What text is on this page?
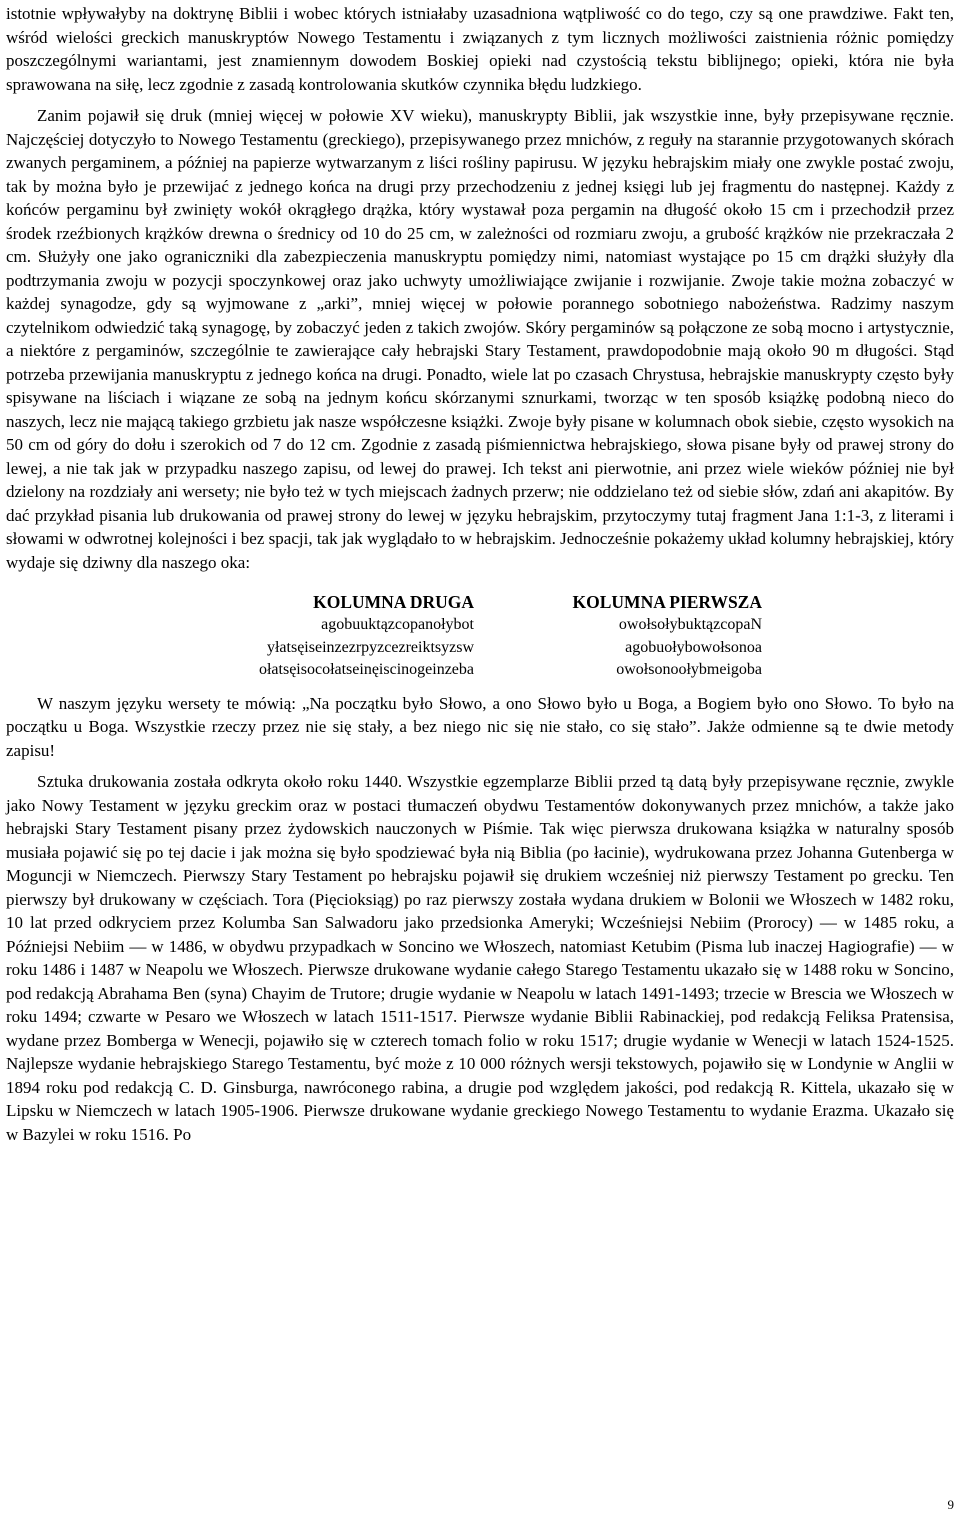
istotnie wpływałyby na doktrynę Biblii i wobec których istniałaby uzasadniona wątpliwość co do tego, czy są one prawdziwe. Fakt ten, wśród wielości greckich manuskryptów Nowego Testamentu i związanych z tym licznych możliwości zaistnienia różnic pomiędzy poszczególnymi wariantami, jest znamiennym dowodem Boskiej opieki nad czystością tekstu biblijnego; opieki, która nie była sprawowana na siłę, lecz zgodnie z zasadą kontrolowania skutków czynnika błędu ludzkiego.

Zanim pojawił się druk (mniej więcej w połowie XV wieku), manuskrypty Biblii, jak wszystkie inne, były przepisywane ręcznie. Najczęściej dotyczyło to Nowego Testamentu (greckiego), przepisywanego przez mnichów, z reguły na starannie przygotowanych skórach zwanych pergaminem, a później na papierze wytwarzanym z liści rośliny papirusu. W języku hebrajskim miały one zwykle postać zwoju, tak by można było je przewijać z jednego końca na drugi przy przechodzeniu z jednej księgi lub jej fragmentu do następnej. Każdy z końców pergaminu był zwinięty wokół okrągłego drążka, który wystawał poza pergamin na długość około 15 cm i przechodził przez środek rzeźbionych krążków drewna o średnicy od 10 do 25 cm, w zależności od rozmiaru zwoju, a grubość krążków nie przekraczała 2 cm. Służyły one jako ograniczniki dla zabezpieczenia manuskryptu pomiędzy nimi, natomiast wystające po 15 cm drążki służyły dla podtrzymania zwoju w pozycji spoczynkowej oraz jako uchwyty umożliwiające zwijanie i rozwijanie. Zwoje takie można zobaczyć w każdej synagodze, gdy są wyjmowane z „arki”, mniej więcej w połowie porannego sobotniego nabożeństwa. Radzimy naszym czytelnikom odwiedzić taką synagogę, by zobaczyć jeden z takich zwojów. Skóry pergaminów są połączone ze sobą mocno i artystycznie, a niektóre z pergaminów, szczególnie te zawierające cały hebrajski Stary Testament, prawdopodobnie mają około 90 m długości. Stąd potrzeba przewijania manuskryptu z jednego końca na drugi. Ponadto, wiele lat po czasach Chrystusa, hebrajskie manuskrypty często były spisywane na liściach i wiązane ze sobą na jednym końcu skórzanymi sznurkami, tworząc w ten sposób książkę podobną nieco do naszych, lecz nie mającą takiego grzbietu jak nasze współczesne książki. Zwoje były pisane w kolumnach obok siebie, często wysokich na 50 cm od góry do dołu i szerokich od 7 do 12 cm. Zgodnie z zasadą piśmiennictwa hebrajskiego, słowa pisane były od prawej strony do lewej, a nie tak jak w przypadku naszego zapisu, od lewej do prawej. Ich tekst ani pierwotnie, ani przez wiele wieków później nie był dzielony na rozdziały ani wersety; nie było też w tych miejscach żadnych przerw; nie oddzielano też od siebie słów, zdań ani akapitów. By dać przykład pisania lub drukowania od prawej strony do lewej w języku hebrajskim, przytoczymy tutaj fragment Jana 1:1-3, z literami i słowami w odwrotnej kolejności i bez spacji, tak jak wyglądało to w hebrajskim. Jednocześnie pokażemy układ kolumny hebrajskiej, który wydaje się dziwny dla naszego oka:

KOLUMNA DRUGA
agobuuktązcopanołybot
yłatsęiseinzezrpyzcezreiktsyzsw
ołatsęisocołatseinęiscinogeinzeba
KOLUMNA PIERWSZA
owołsołybuktązcopaN
agobuołybowołsonoa
owołsonoołybmeigoba

W naszym języku wersety te mówią: „Na początku było Słowo, a ono Słowo było u Boga, a Bogiem było ono Słowo. To było na początku u Boga. Wszystkie rzeczy przez nie się stały, a bez niego nic się nie stało, co się stało”. Jakże odmienne są te dwie metody zapisu!

Sztuka drukowania została odkryta około roku 1440. Wszystkie egzemplarze Biblii przed tą datą były przepisywane ręcznie, zwykle jako Nowy Testament w języku greckim oraz w postaci tłumaczeń obydwu Testamentów dokonywanych przez mnichów, a także jako hebrajski Stary Testament pisany przez żydowskich nauczonych w Piśmie. Tak więc pierwsza drukowana książka w naturalny sposób musiała pojawić się po tej dacie i jak można się było spodziewać była nią Biblia (po łacinie), wydrukowana przez Johanna Gutenberga w Moguncji w Niemczech. Pierwszy Stary Testament po hebrajsku pojawił się drukiem wcześniej niż pierwszy Testament po grecku. Ten pierwszy był drukowany w częściach. Tora (Pięcioksiąg) po raz pierwszy została wydana drukiem w Bolonii we Włoszech w 1482 roku, 10 lat przed odkryciem przez Kolumba San Salwadoru jako przedsionka Ameryki; Wcześniejsi Nebiim (Prorocy) — w 1485 roku, a Późniejsi Nebiim — w 1486, w obydwu przypadkach w Soncino we Włoszech, natomiast Ketubim (Pisma lub inaczej Hagiografie) — w roku 1486 i 1487 w Neapolu we Włoszech. Pierwsze drukowane wydanie całego Starego Testamentu ukazało się w 1488 roku w Soncino, pod redakcją Abrahama Ben (syna) Chayim de Trutore; drugie wydanie w Neapolu w latach 1491-1493; trzecie w Brescia we Włoszech w roku 1494; czwarte w Pesaro we Włoszech w latach 1511-1517. Pierwsze wydanie Biblii Rabinackiej, pod redakcją Feliksa Pratensisa, wydane przez Bomberga w Wenecji, pojawiło się w czterech tomach folio w roku 1517; drugie wydanie w Wenecji w latach 1524-1525. Najlepsze wydanie hebrajskiego Starego Testamentu, być może z 10 000 różnych wersji tekstowych, pojawiło się w Londynie w Anglii w 1894 roku pod redakcją C. D. Ginsburga, nawróconego rabina, a drugie pod względem jakości, pod redakcją R. Kittela, ukazało się w Lipsku w Niemczech w latach 1905-1906. Pierwsze drukowane wydanie greckiego Nowego Testamentu to wydanie Erazma. Ukazało się w Bazylei w roku 1516. Po

9
